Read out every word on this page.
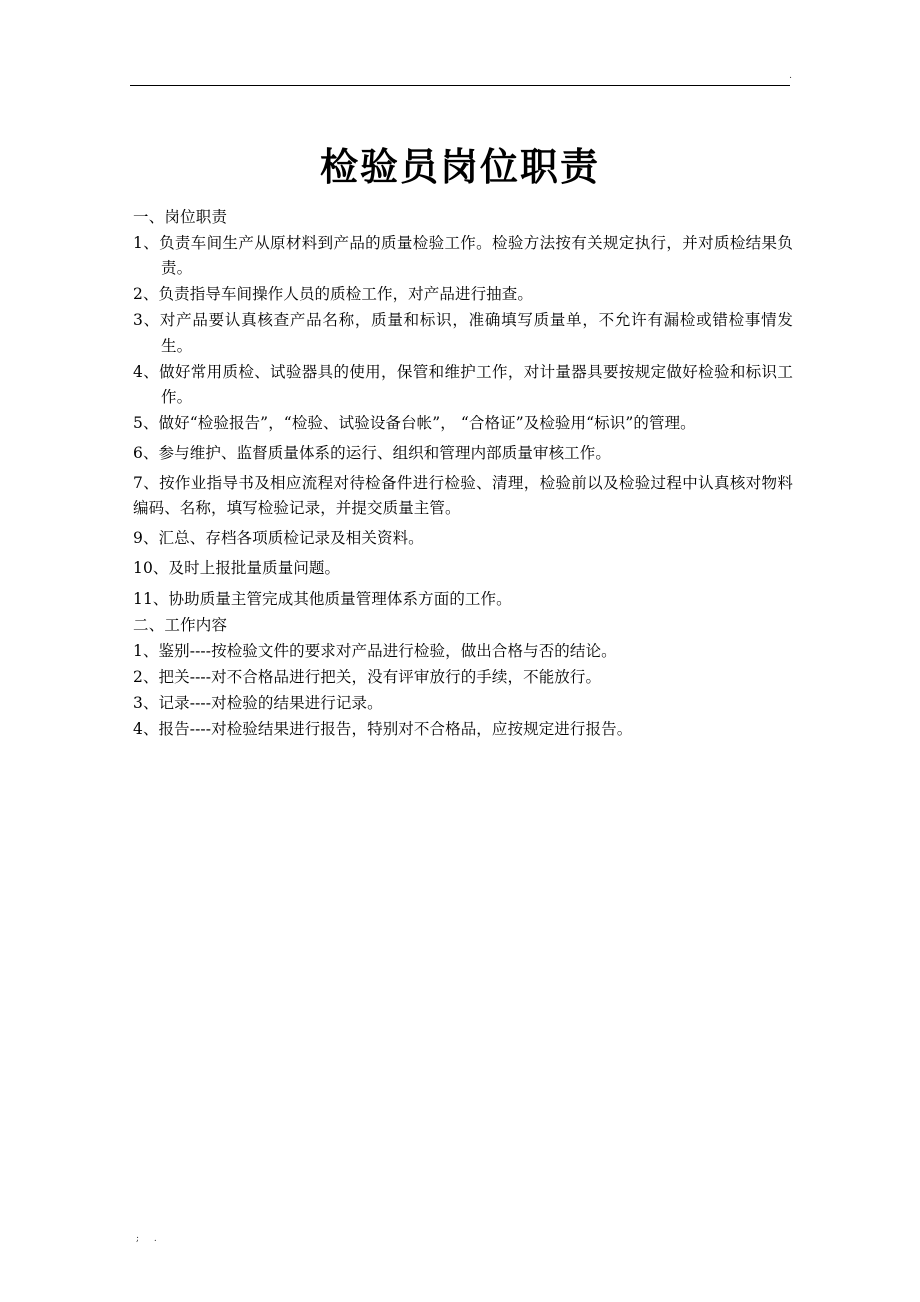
.
检验员岗位职责
一、岗位职责

1、负责车间生产从原材料到产品的质量检验工作。检验方法按有关规定执行，并对质检结果负责。

2、负责指导车间操作人员的质检工作，对产品进行抽查。

3、对产品要认真核查产品名称，质量和标识，准确填写质量单，不允许有漏检或错检事情发生。

4、做好常用质检、试验器具的使用，保管和维护工作，对计量器具要按规定做好检验和标识工作。

5、做好“检验报告”，“检验、试验设备台帐”， “合格证”及检验用“标识”的管理。

6、参与维护、监督质量体系的运行、组织和管理内部质量审核工作。

7、按作业指导书及相应流程对待检备件进行检验、清理，检验前以及检验过程中认真核对物料编码、名称，填写检验记录，并提交质量主管。

9、汇总、存档各项质检记录及相关资料。

10、及时上报批量质量问题。

11、协助质量主管完成其他质量管理体系方面的工作。

二、工作内容

1、鉴别----按检验文件的要求对产品进行检验，做出合格与否的结论。

2、把关----对不合格品进行把关，没有评审放行的手续，不能放行。

3、记录----对检验的结果进行记录。

4、报告----对检验结果进行报告，特别对不合格品，应按规定进行报告。

; .
